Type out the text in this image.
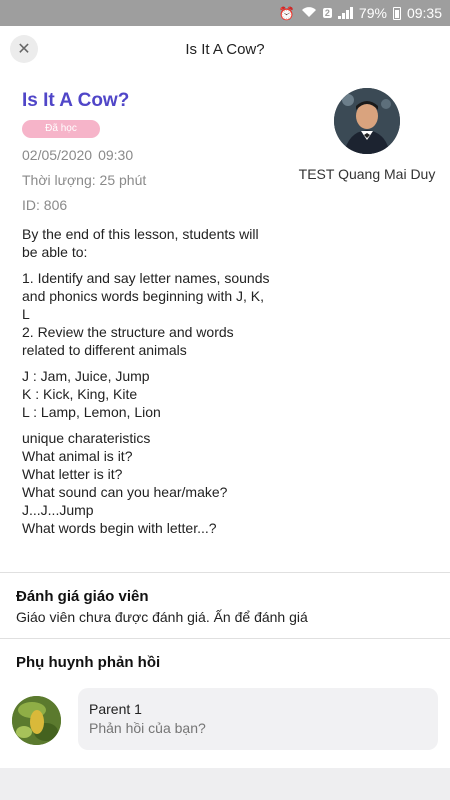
⏰	2 79% 09:35
✕	Is It A Cow?
Is It A Cow?
Đã học
02/05/2020 09:30
Thời lượng: 25 phút
ID: 806

By the end of this lesson, students will be able to:

1. Identify and say letter names, sounds and phonics words beginning with J, K, L
2. Review the structure and words related to different animals

J : Jam, Juice, Jump
K : Kick, King, Kite
L : Lamp, Lemon, Lion

unique charateristics
What animal is it?
What letter is it?
What sound can you hear/make?
J...J...Jump
What words begin with letter...?

TEST Quang Mai Duy
Đánh giá giáo viên
Giáo viên chưa được đánh giá. Ấn để đánh giá
Phụ huynh phản hồi
Parent 1
Phản hồi của bạn?
